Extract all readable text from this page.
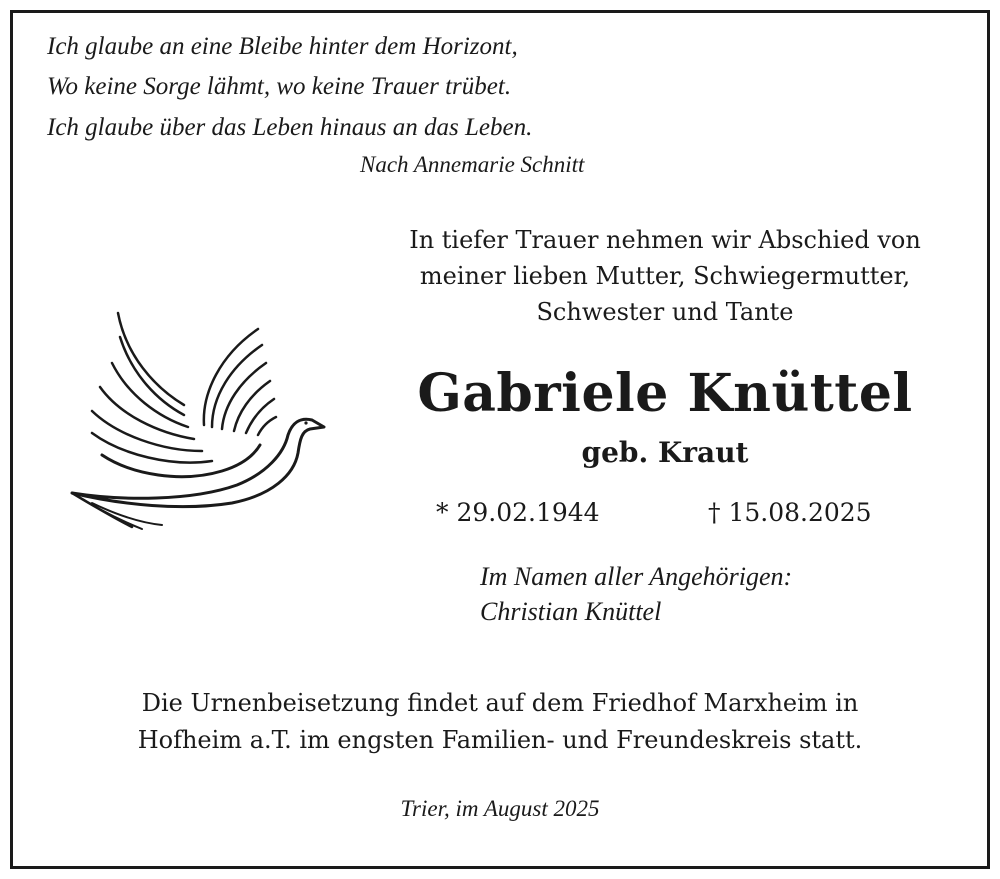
Ich glaube an eine Bleibe hinter dem Horizont,

Wo keine Sorge lähmt, wo keine Trauer trübet.

Ich glaube über das Leben hinaus an das Leben.

Nach Annemarie Schnitt

In tiefer Trauer nehmen wir Abschied von

meiner lieben Mutter, Schwiegermutter,

Schwester und Tante

Gabriele Knüttel

geb. Kraut

* 29.02.1944	† 15.08.2025

Im Namen aller Angehörigen:

Christian Knüttel

Die Urnenbeisetzung findet auf dem Friedhof Marxheim in

Hofheim a.T. im engsten Familien- und Freundeskreis statt.

Trier, im August 2025
